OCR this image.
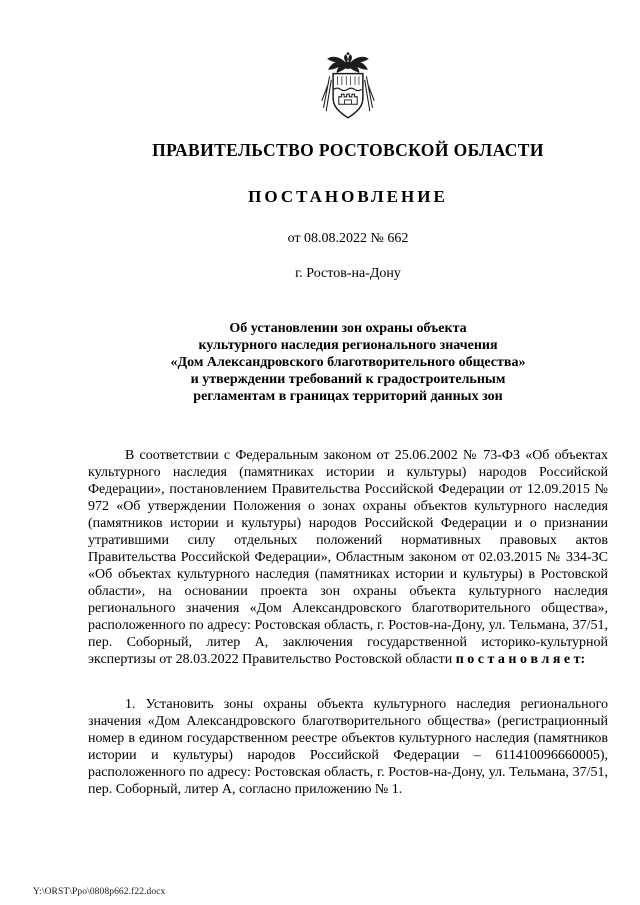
ПРАВИТЕЛЬСТВО РОСТОВСКОЙ ОБЛАСТИ
ПОСТАНОВЛЕНИЕ
от 08.08.2022 № 662
г. Ростов-на-Дону
Об установлении зон охраны объекта
культурного наследия регионального значения
«Дом Александровского благотворительного общества»
и утверждении требований к градостроительным
регламентам в границах территорий данных зон

В соответствии с Федеральным законом от 25.06.2002 № 73-ФЗ «Об объектах культурного наследия (памятниках истории и культуры) народов Российской Федерации», постановлением Правительства Российской Федерации от 12.09.2015 № 972 «Об утверждении Положения о зонах охраны объектов культурного наследия (памятников истории и культуры) народов Российской Федерации и о признании утратившими силу отдельных положений нормативных правовых актов Правительства Российской Федерации», Областным законом от 02.03.2015 № 334-ЗС «Об объектах культурного наследия (памятниках истории и культуры) в Ростовской области», на основании проекта зон охраны объекта культурного наследия регионального значения «Дом Александровского благотворительного общества», расположенного по адресу: Ростовская область, г. Ростов-на-Дону, ул. Тельмана, 37/51, пер. Соборный, литер А, заключения государственной историко-культурной экспертизы от 28.03.2022 Правительство Ростовской области п о с т а н о в л я е т:

1. Установить зоны охраны объекта культурного наследия регионального значения «Дом Александровского благотворительного общества» (регистрационный номер в едином государственном реестре объектов культурного наследия (памятников истории и культуры) народов Российской Федерации – 611410096660005), расположенного по адресу: Ростовская область, г. Ростов-на-Дону, ул. Тельмана, 37/51, пер. Соборный, литер А, согласно приложению № 1.

Y:\ORST\Ppo\0808p662.f22.docx
